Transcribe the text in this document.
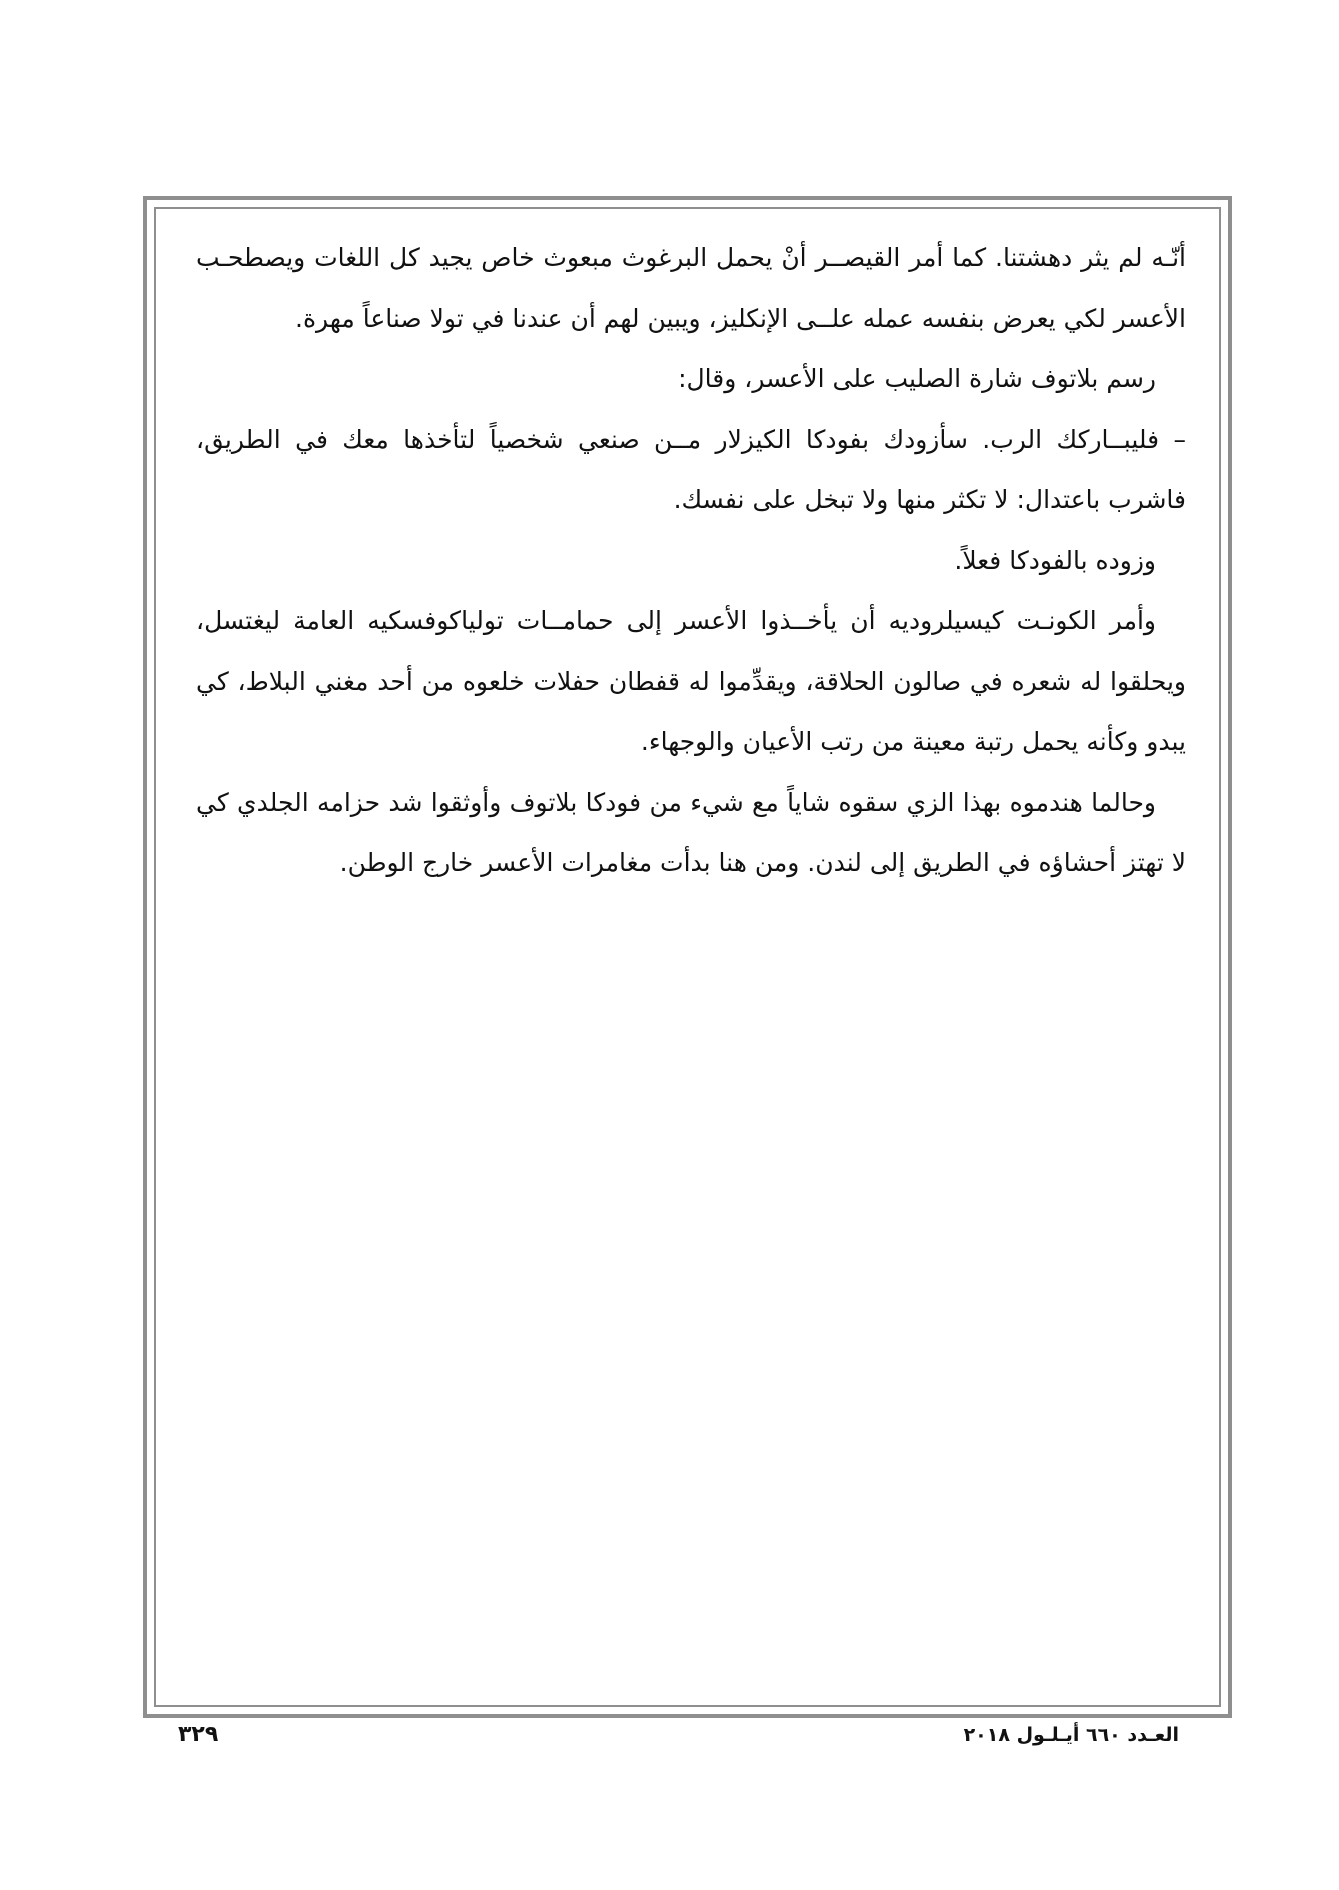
أنّـه لم يثر دهشتنا. كما أمر القيصــر أنْ يحمل البرغوث مبعوث خاص يجيد كل اللغات ويصطحـب الأعسر لكي يعرض بنفسه عمله علــى الإنكليز، ويبين لهم أن عندنا في تولا صناعاً مهرة.

رسم بلاتوف شارة الصليب على الأعسر، وقال:

– فليبــاركك الرب. سأزودك بفودكا الكيزلار مــن صنعي شخصياً لتأخذها معك في الطريق، فاشرب باعتدال: لا تكثر منها ولا تبخل على نفسك.

وزوده بالفودكا فعلاً.

وأمر الكونـت كيسيلروديه أن يأخــذوا الأعسر إلى حمامــات تولياكوفسكيه العامة ليغتسل، ويحلقوا له شعره في صالون الحلاقة، ويقدِّموا له قفطان حفلات خلعوه من أحد مغني البلاط، كي يبدو وكأنه يحمل رتبة معينة من رتب الأعيان والوجهاء.

وحالما هندموه بهذا الزي سقوه شاياً مع شيء من فودكا بلاتوف وأوثقوا شد حزامه الجلدي كي لا تهتز أحشاؤه في الطريق إلى لندن. ومن هنا بدأت مغامرات الأعسر خارج الوطن.

العـدد ٦٦٠ أيـلـول ٢٠١٨
٣٢٩
